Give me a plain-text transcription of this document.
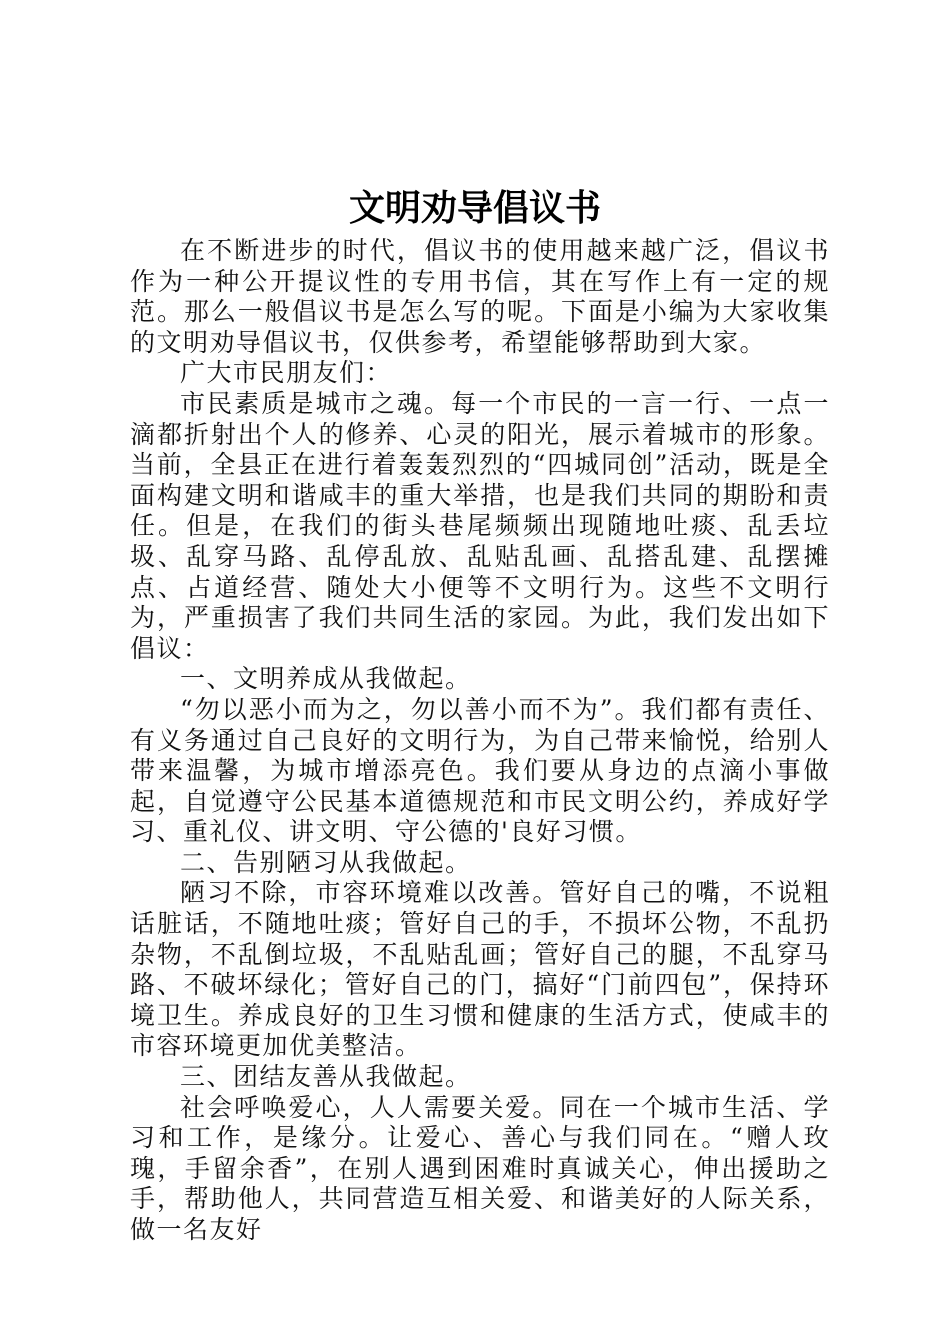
文明劝导倡议书

在不断进步的时代，倡议书的使用越来越广泛，倡议书作为一种公开提议性的专用书信，其在写作上有一定的规范。那么一般倡议书是怎么写的呢。下面是小编为大家收集的文明劝导倡议书，仅供参考，希望能够帮助到大家。

广大市民朋友们：

市民素质是城市之魂。每一个市民的一言一行、一点一滴都折射出个人的修养、心灵的阳光，展示着城市的形象。当前，全县正在进行着轰轰烈烈的“四城同创”活动，既是全面构建文明和谐咸丰的重大举措，也是我们共同的期盼和责任。但是，在我们的街头巷尾频频出现随地吐痰、乱丢垃圾、乱穿马路、乱停乱放、乱贴乱画、乱搭乱建、乱摆摊点、占道经营、随处大小便等不文明行为。这些不文明行为，严重损害了我们共同生活的家园。为此，我们发出如下倡议：

一、文明养成从我做起。

“勿以恶小而为之，勿以善小而不为”。我们都有责任、有义务通过自己良好的文明行为，为自己带来愉悦，给别人带来温馨，为城市增添亮色。我们要从身边的点滴小事做起，自觉遵守公民基本道德规范和市民文明公约，养成好学习、重礼仪、讲文明、守公德的'良好习惯。

二、告别陋习从我做起。

陋习不除，市容环境难以改善。管好自己的嘴，不说粗话脏话，不随地吐痰；管好自己的手，不损坏公物，不乱扔杂物，不乱倒垃圾，不乱贴乱画；管好自己的腿，不乱穿马路、不破坏绿化；管好自己的门，搞好“门前四包”，保持环境卫生。养成良好的卫生习惯和健康的生活方式，使咸丰的市容环境更加优美整洁。

三、团结友善从我做起。

社会呼唤爱心，人人需要关爱。同在一个城市生活、学习和工作，是缘分。让爱心、善心与我们同在。“赠人玫瑰，手留余香”，在别人遇到困难时真诚关心，伸出援助之手，帮助他人，共同营造互相关爱、和谐美好的人际关系，做一名友好
